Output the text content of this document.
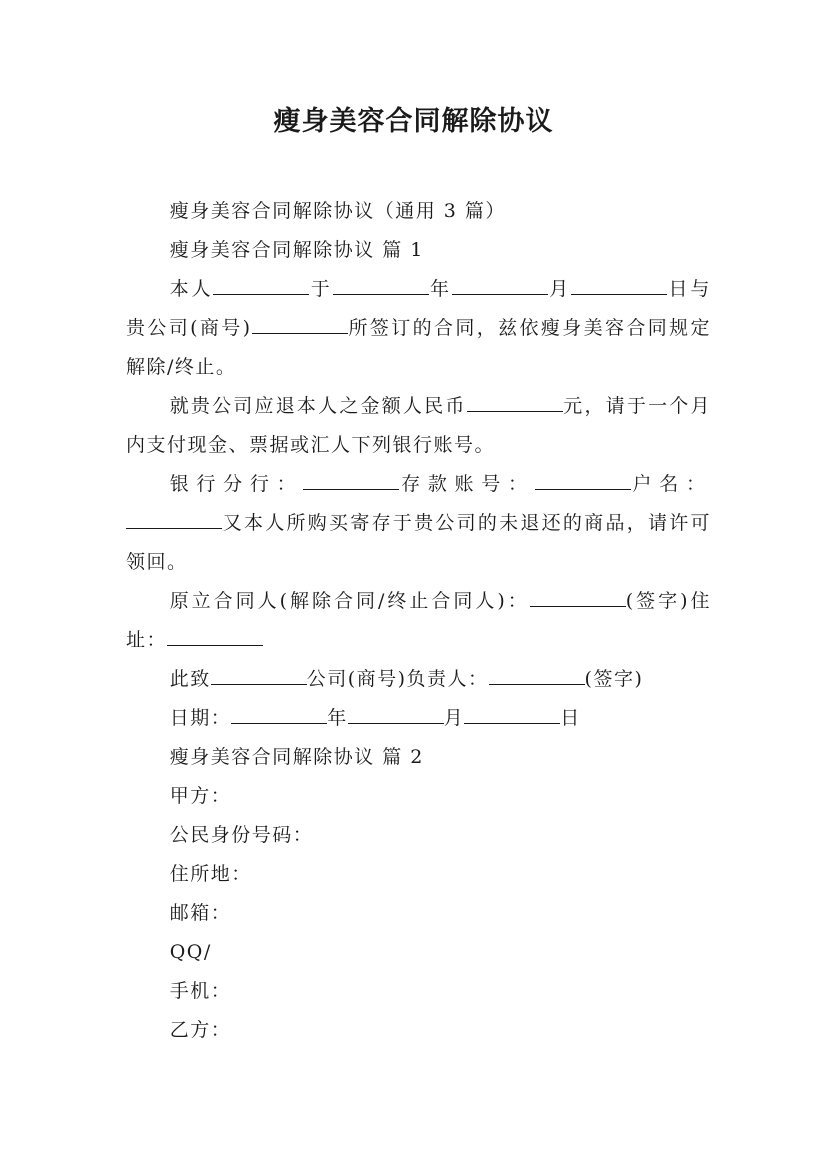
瘦身美容合同解除协议

瘦身美容合同解除协议（通用 3 篇）

瘦身美容合同解除协议 篇 1

本人	于	年	月	日与贵公司(商号)	所签订的合同，兹依瘦身美容合同规定解除/终止。

就贵公司应退本人之金额人民币	元，请于一个月内支付现金、票据或汇人下列银行账号。

银行分行：	存款账号：	户名：又本人所购买寄存于贵公司的未退还的商品，请许可领回。

原立合同人(解除合同/终止合同人)：	(签字)住址：

此致	公司(商号)负责人：	(签字)

日期：	年	月	日

瘦身美容合同解除协议 篇 2

甲方：

公民身份号码：

住所地：

邮箱：

QQ/

手机：

乙方：
